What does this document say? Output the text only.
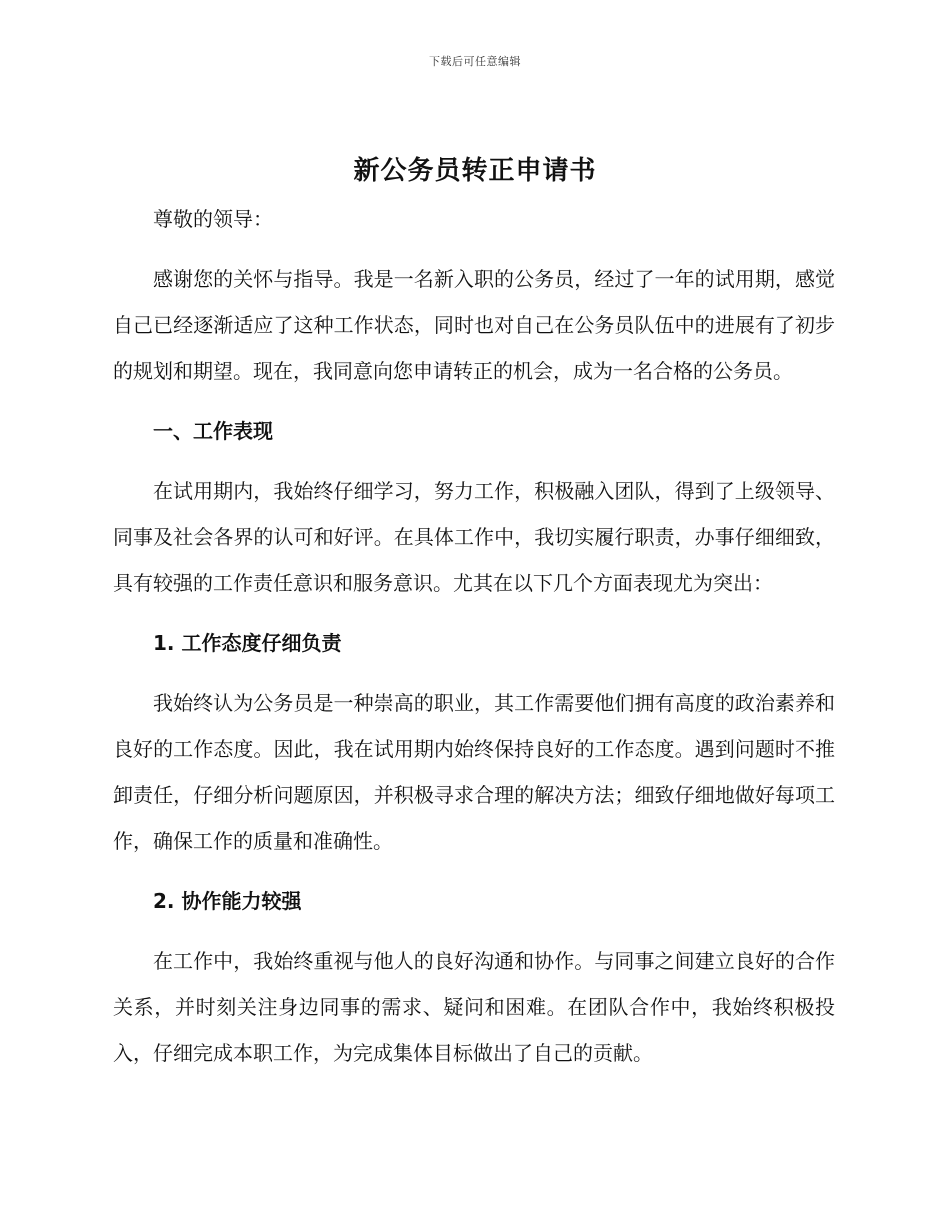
下载后可任意编辑
新公务员转正申请书

尊敬的领导：

感谢您的关怀与指导。我是一名新入职的公务员，经过了一年的试用期，感觉自己已经逐渐适应了这种工作状态，同时也对自己在公务员队伍中的进展有了初步的规划和期望。现在，我同意向您申请转正的机会，成为一名合格的公务员。

一、工作表现

在试用期内，我始终仔细学习，努力工作，积极融入团队，得到了上级领导、同事及社会各界的认可和好评。在具体工作中，我切实履行职责，办事仔细细致，具有较强的工作责任意识和服务意识。尤其在以下几个方面表现尤为突出：

1. 工作态度仔细负责

我始终认为公务员是一种崇高的职业，其工作需要他们拥有高度的政治素养和良好的工作态度。因此，我在试用期内始终保持良好的工作态度。遇到问题时不推卸责任，仔细分析问题原因，并积极寻求合理的解决方法；细致仔细地做好每项工作，确保工作的质量和准确性。

2. 协作能力较强

在工作中，我始终重视与他人的良好沟通和协作。与同事之间建立良好的合作关系，并时刻关注身边同事的需求、疑问和困难。在团队合作中，我始终积极投入，仔细完成本职工作，为完成集体目标做出了自己的贡献。
